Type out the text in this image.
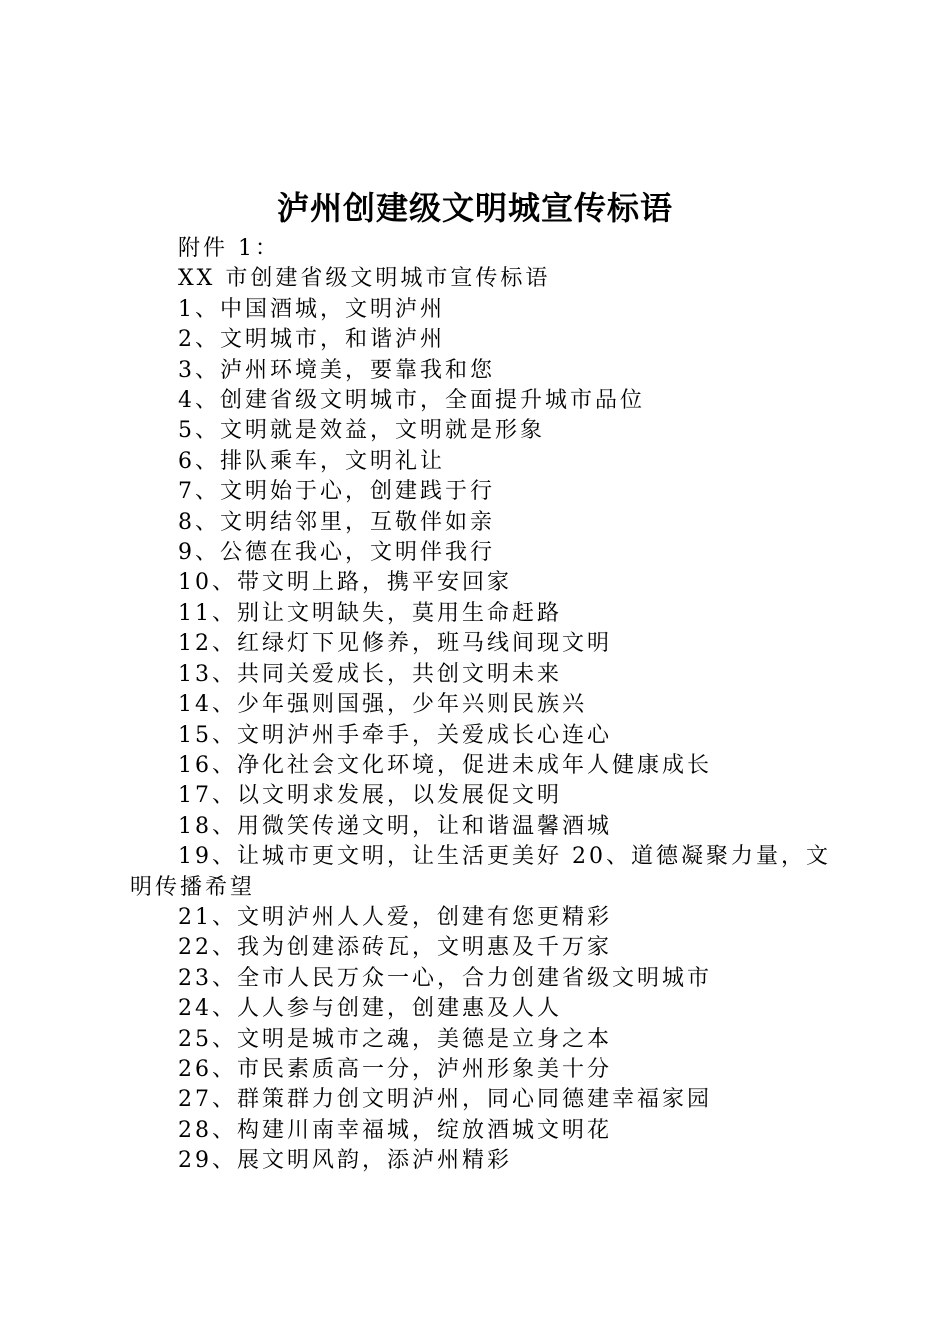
泸州创建级文明城宣传标语
附件 1：
XX 市创建省级文明城市宣传标语
1、中国酒城，文明泸州
2、文明城市，和谐泸州
3、泸州环境美，要靠我和您
4、创建省级文明城市，全面提升城市品位
5、文明就是效益，文明就是形象
6、排队乘车，文明礼让
7、文明始于心，创建践于行
8、文明结邻里，互敬伴如亲
9、公德在我心，文明伴我行
10、带文明上路，携平安回家
11、别让文明缺失，莫用生命赶路
12、红绿灯下见修养，班马线间现文明
13、共同关爱成长，共创文明未来
14、少年强则国强，少年兴则民族兴
15、文明泸州手牵手，关爱成长心连心
16、净化社会文化环境，促进未成年人健康成长
17、以文明求发展，以发展促文明
18、用微笑传递文明，让和谐温馨酒城
19、让城市更文明，让生活更美好 20、道德凝聚力量，文明传播希望
21、文明泸州人人爱，创建有您更精彩
22、我为创建添砖瓦，文明惠及千万家
23、全市人民万众一心，合力创建省级文明城市
24、人人参与创建，创建惠及人人
25、文明是城市之魂，美德是立身之本
26、市民素质高一分，泸州形象美十分
27、群策群力创文明泸州，同心同德建幸福家园
28、构建川南幸福城，绽放酒城文明花
29、展文明风韵，添泸州精彩
